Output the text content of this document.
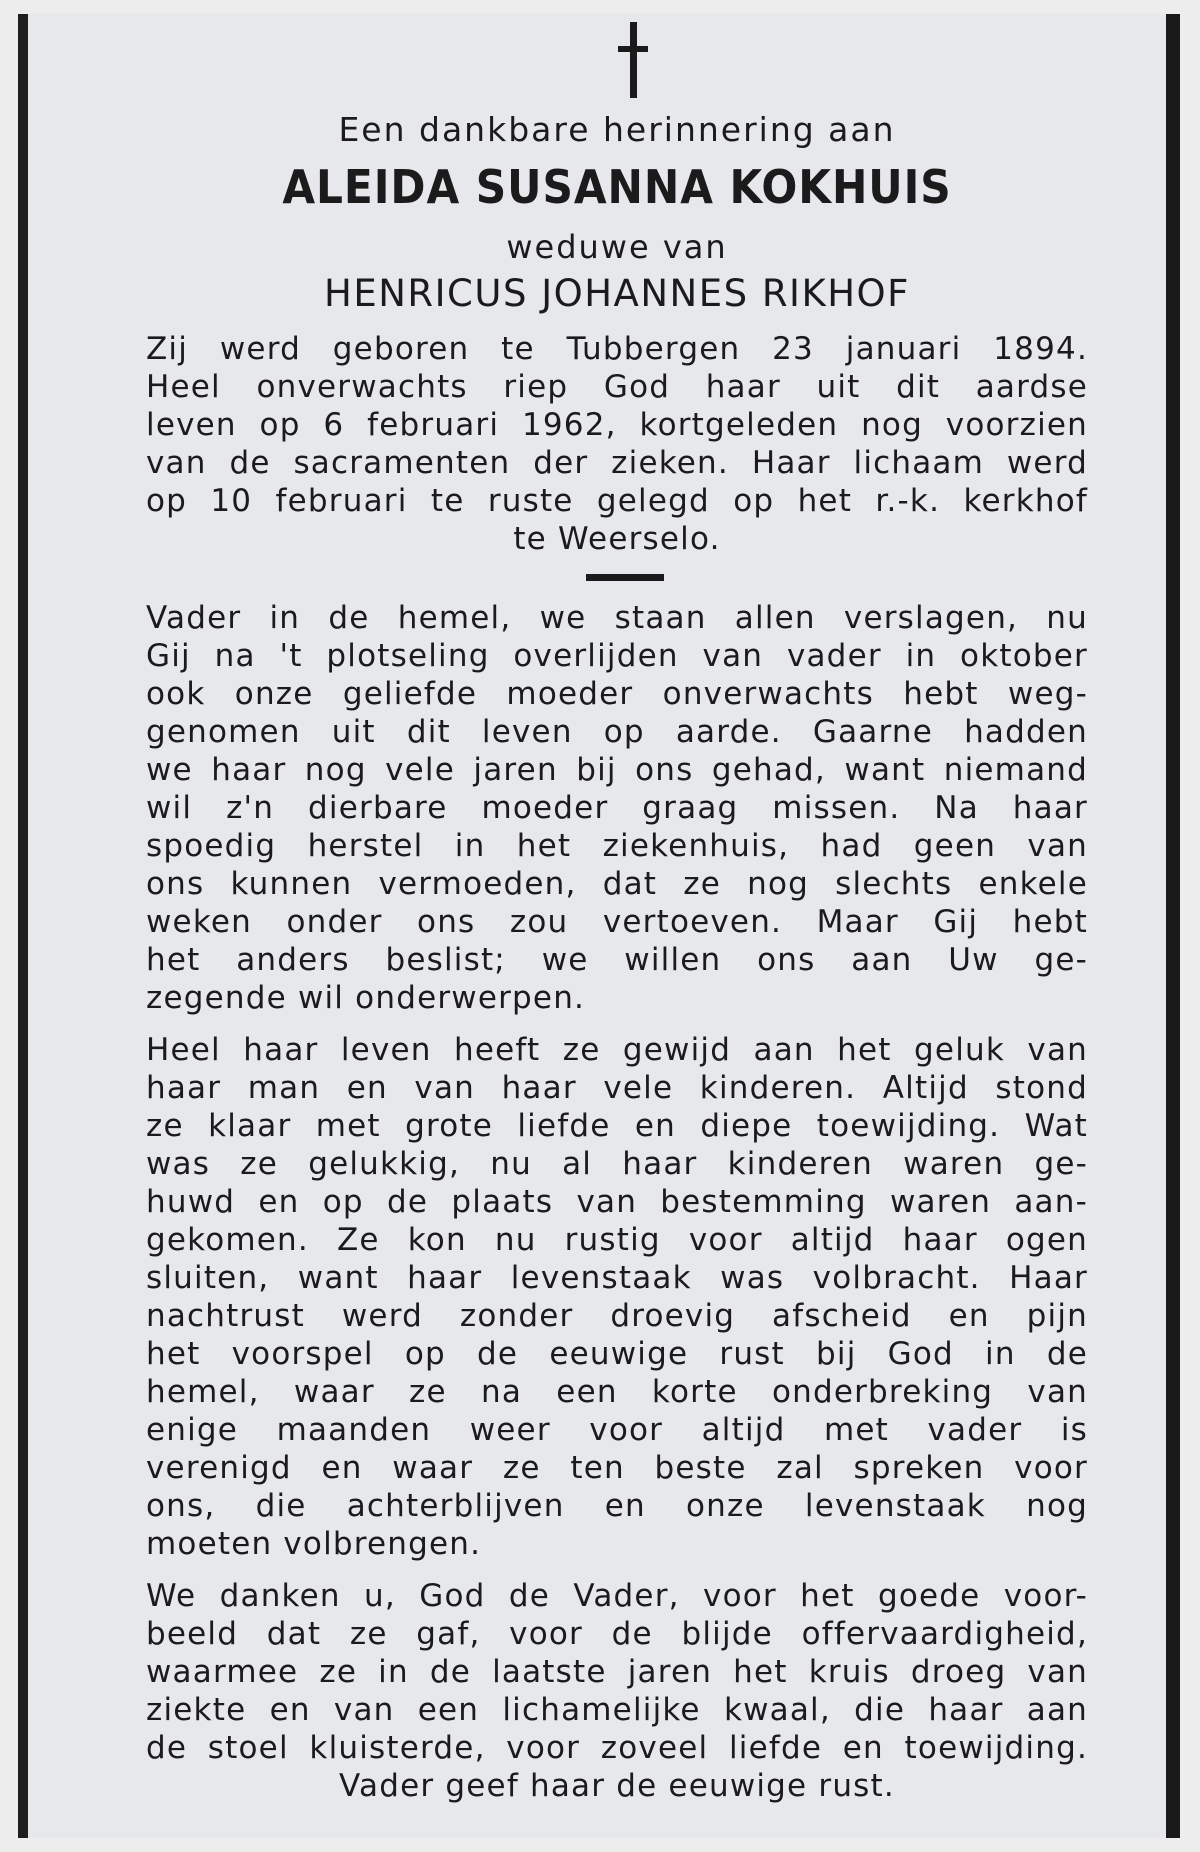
Een dankbare herinnering aan
ALEIDA SUSANNA KOKHUIS
weduwe van
HENRICUS JOHANNES RIKHOF
Zij werd geboren te Tubbergen 23 januari 1894.
Heel onverwachts riep God haar uit dit aardse
leven op 6 februari 1962, kortgeleden nog voorzien
van de sacramenten der zieken. Haar lichaam werd
op 10 februari te ruste gelegd op het r.-k. kerkhof
te Weerselo.
Vader in de hemel, we staan allen verslagen, nu
Gij na 't plotseling overlijden van vader in oktober
ook onze geliefde moeder onverwachts hebt weg-
genomen uit dit leven op aarde. Gaarne hadden
we haar nog vele jaren bij ons gehad, want niemand
wil z'n dierbare moeder graag missen. Na haar
spoedig herstel in het ziekenhuis, had geen van
ons kunnen vermoeden, dat ze nog slechts enkele
weken onder ons zou vertoeven. Maar Gij hebt
het anders beslist; we willen ons aan Uw ge-
zegende wil onderwerpen.
Heel haar leven heeft ze gewijd aan het geluk van
haar man en van haar vele kinderen. Altijd stond
ze klaar met grote liefde en diepe toewijding. Wat
was ze gelukkig, nu al haar kinderen waren ge-
huwd en op de plaats van bestemming waren aan-
gekomen. Ze kon nu rustig voor altijd haar ogen
sluiten, want haar levenstaak was volbracht. Haar
nachtrust werd zonder droevig afscheid en pijn
het voorspel op de eeuwige rust bij God in de
hemel, waar ze na een korte onderbreking van
enige maanden weer voor altijd met vader is
verenigd en waar ze ten beste zal spreken voor
ons, die achterblijven en onze levenstaak nog
moeten volbrengen.
We danken u, God de Vader, voor het goede voor-
beeld dat ze gaf, voor de blijde offervaardigheid,
waarmee ze in de laatste jaren het kruis droeg van
ziekte en van een lichamelijke kwaal, die haar aan
de stoel kluisterde, voor zoveel liefde en toewijding.
Vader geef haar de eeuwige rust.
